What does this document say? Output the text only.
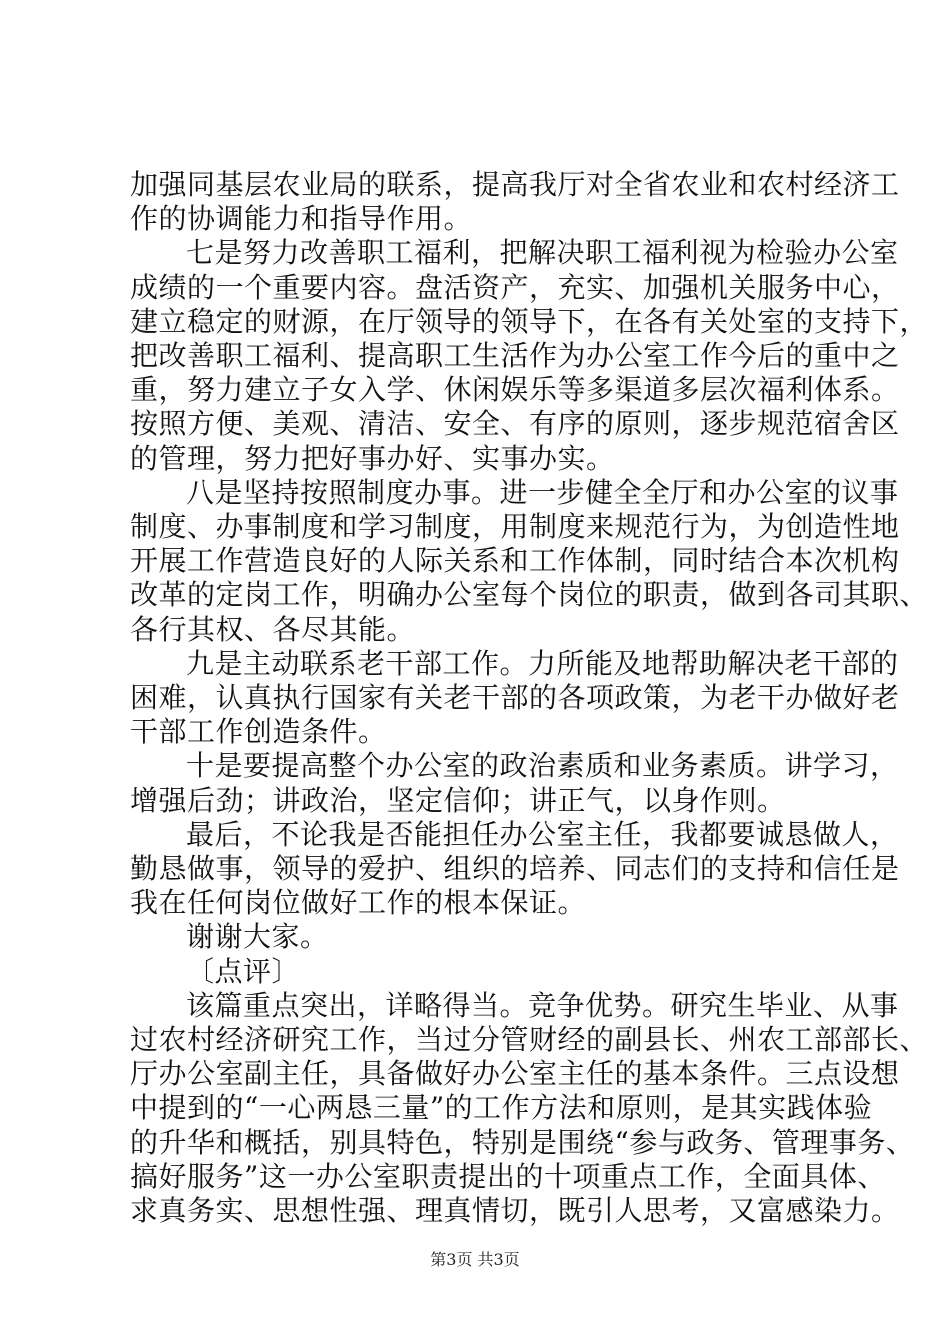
加强同基层农业局的联系，提高我厅对全省农业和农村经济工
作的协调能力和指导作用。
七是努力改善职工福利，把解决职工福利视为检验办公室
成绩的一个重要内容。盘活资产，充实、加强机关服务中心，
建立稳定的财源，在厅领导的领导下，在各有关处室的支持下，
把改善职工福利、提高职工生活作为办公室工作今后的重中之
重，努力建立子女入学、休闲娱乐等多渠道多层次福利体系。
按照方便、美观、清洁、安全、有序的原则，逐步规范宿舍区
的管理，努力把好事办好、实事办实。
八是坚持按照制度办事。进一步健全全厅和办公室的议事
制度、办事制度和学习制度，用制度来规范行为，为创造性地
开展工作营造良好的人际关系和工作体制，同时结合本次机构
改革的定岗工作，明确办公室每个岗位的职责，做到各司其职、
各行其权、各尽其能。
九是主动联系老干部工作。力所能及地帮助解决老干部的
困难，认真执行国家有关老干部的各项政策，为老干办做好老
干部工作创造条件。
十是要提高整个办公室的政治素质和业务素质。讲学习，
增强后劲；讲政治，坚定信仰；讲正气，以身作则。
最后，不论我是否能担任办公室主任，我都要诚恳做人，
勤恳做事，领导的爱护、组织的培养、同志们的支持和信任是
我在任何岗位做好工作的根本保证。
谢谢大家。
〔点评〕
该篇重点突出，详略得当。竞争优势。研究生毕业、从事
过农村经济研究工作，当过分管财经的副县长、州农工部部长、
厅办公室副主任，具备做好办公室主任的基本条件。三点设想
中提到的“一心两恳三量”的工作方法和原则，是其实践体验
的升华和概括，别具特色，特别是围绕“参与政务、管理事务、
搞好服务”这一办公室职责提出的十项重点工作，全面具体、
求真务实、思想性强、理真情切，既引人思考，又富感染力。
第3页 共3页
